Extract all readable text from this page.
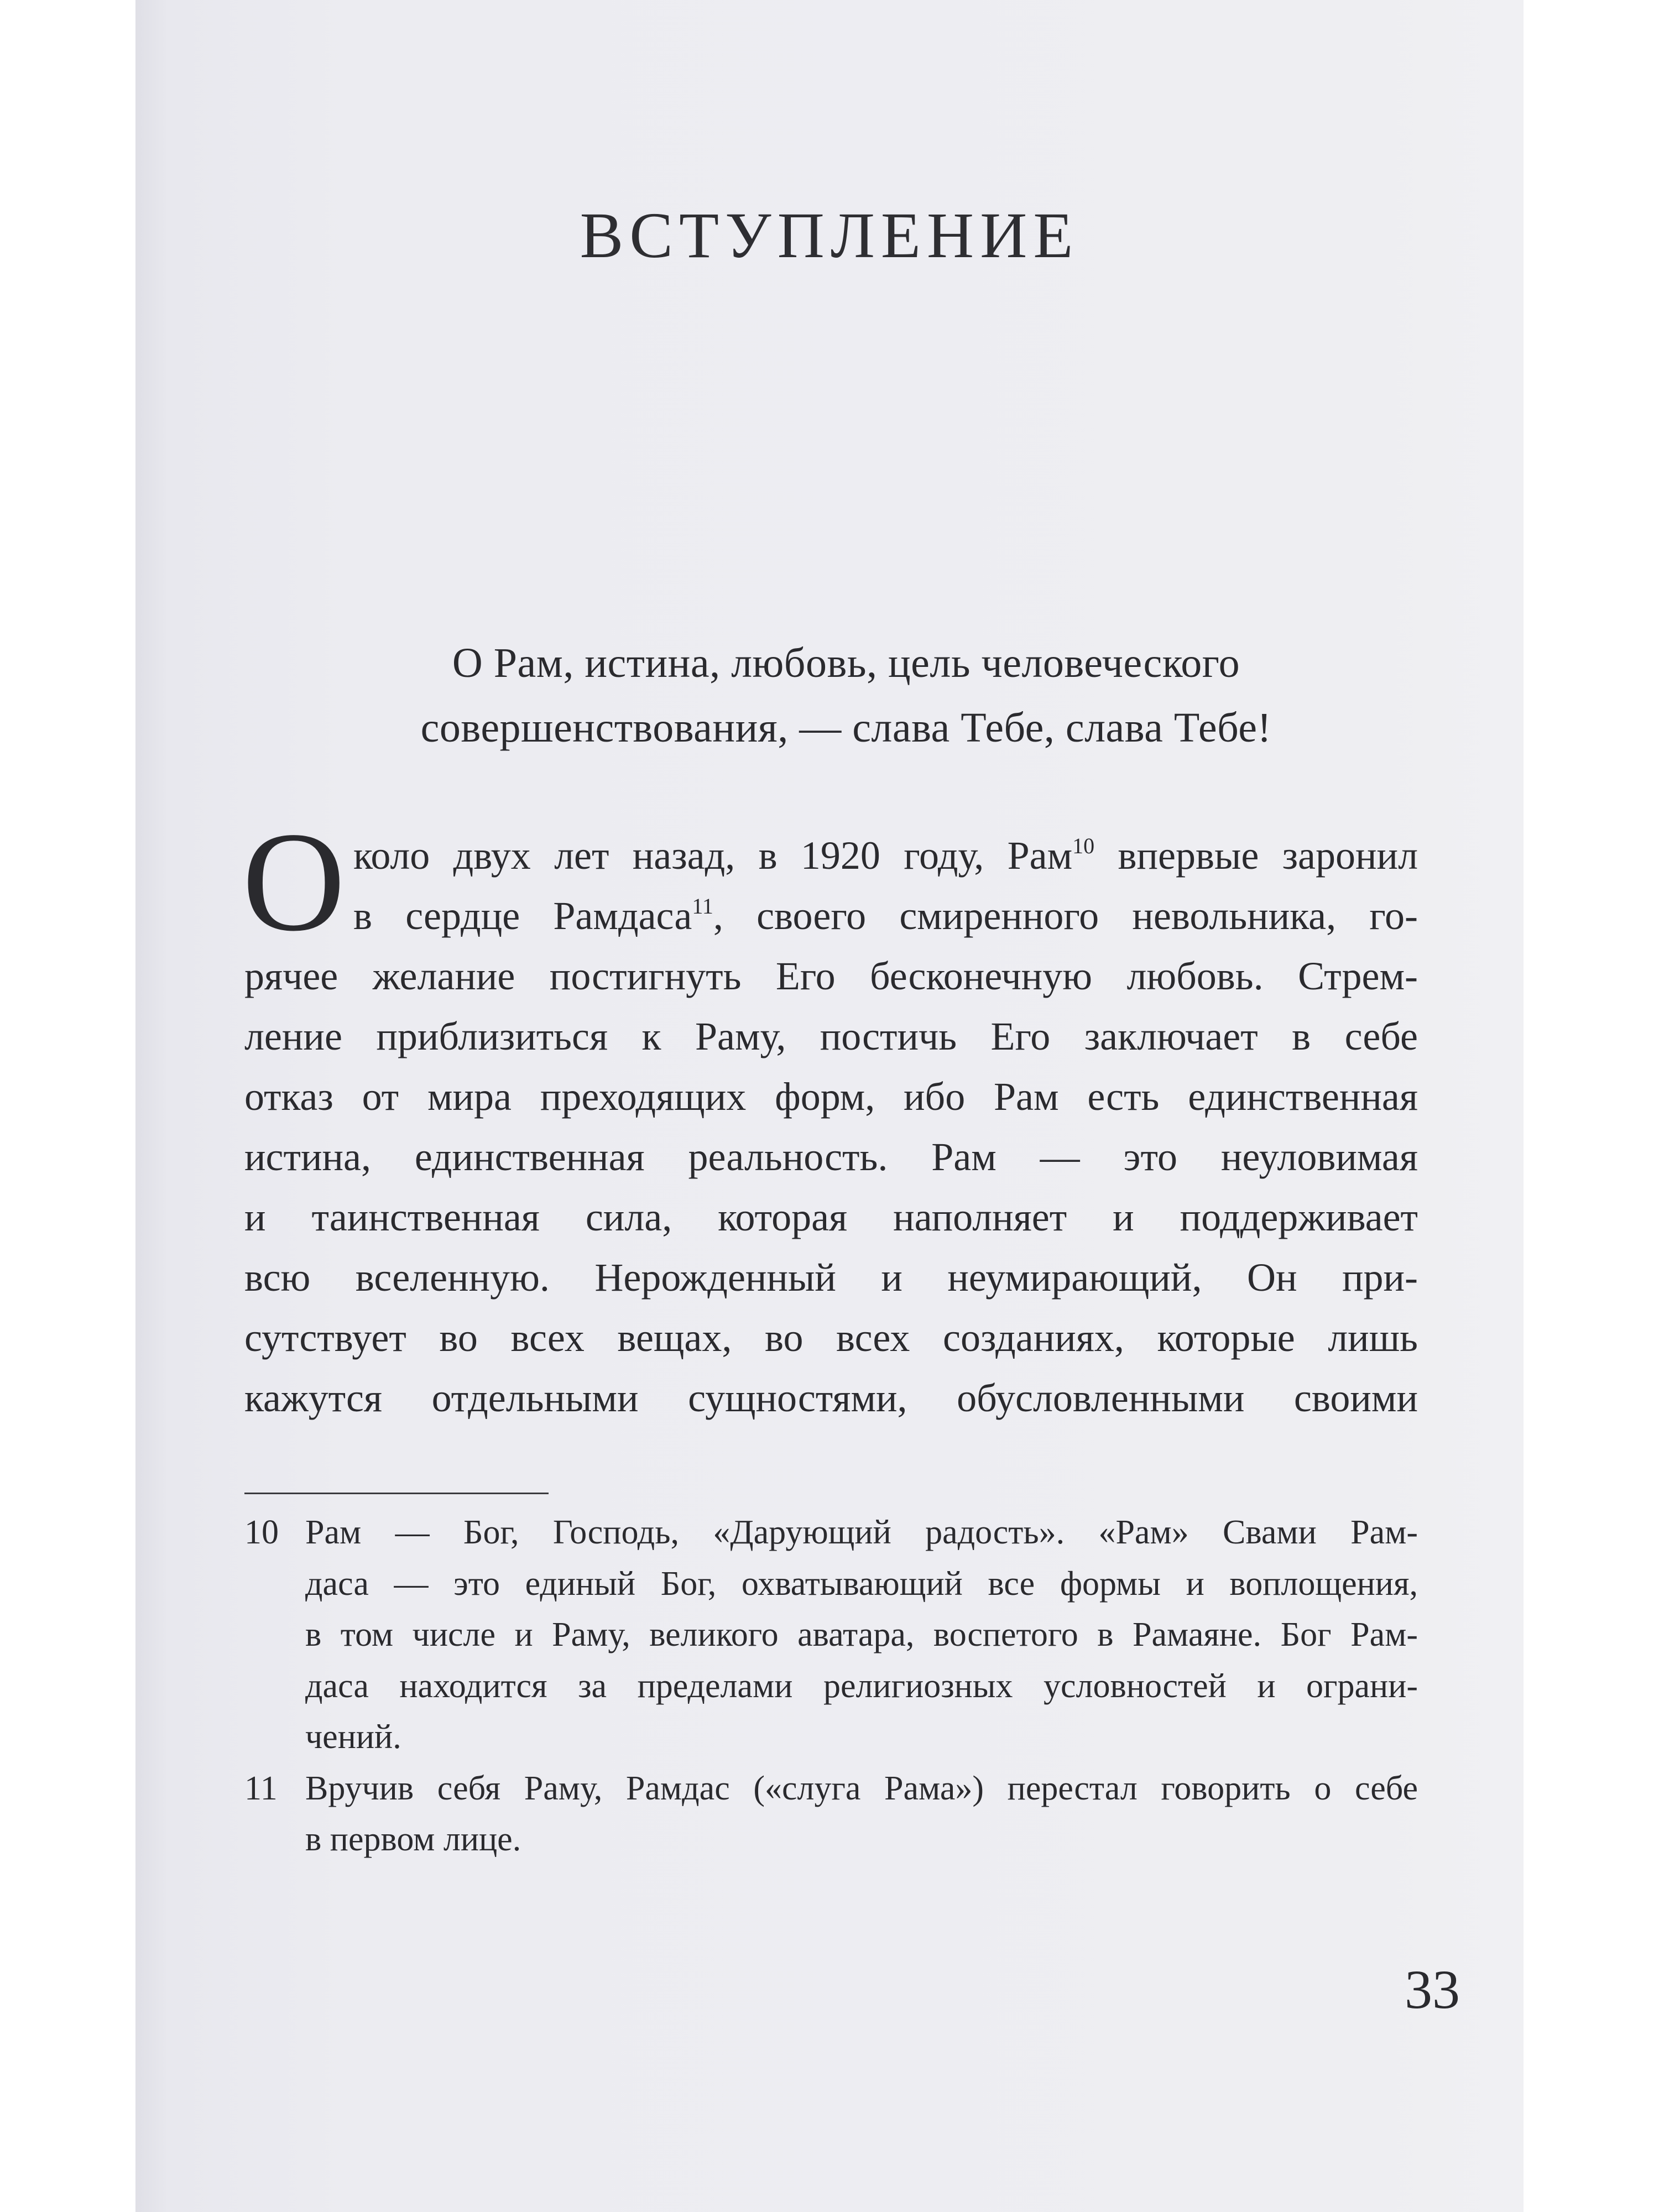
ВСТУПЛЕНИЕ
О Рам, истина, любовь, цель человеческого
совершенствования, — слава Тебе, слава Тебе!
О коло двух лет назад, в 1920 году, Рам$^{10}$ впервые заронил
в сердце Рамдаса$^{11}$, своего смиренного невольника, го-
рячее желание постигнуть Его бесконечную любовь. Стрем-
ление приблизиться к Раму, постичь Его заключает в себе
отказ от мира преходящих форм, ибо Рам есть единственная
истина, единственная реальность. Рам — это неуловимая
и таинственная сила, которая наполняет и поддерживает
всю вселенную. Нерожденный и неумирающий, Он при-
сутствует во всех вещах, во всех созданиях, которые лишь
кажутся отдельными сущностями, обусловленными своими
10 Рам — Бог, Господь, «Дарующий радость». «Рам» Свами Рам-
даса — это единый Бог, охватывающий все формы и воплощения,
в том числе и Раму, великого аватара, воспетого в Рамаяне. Бог Рам-
даса находится за пределами религиозных условностей и ограни-
чений.
11 Вручив себя Раму, Рамдас («слуга Рама») перестал говорить о себе
в первом лице.
33
